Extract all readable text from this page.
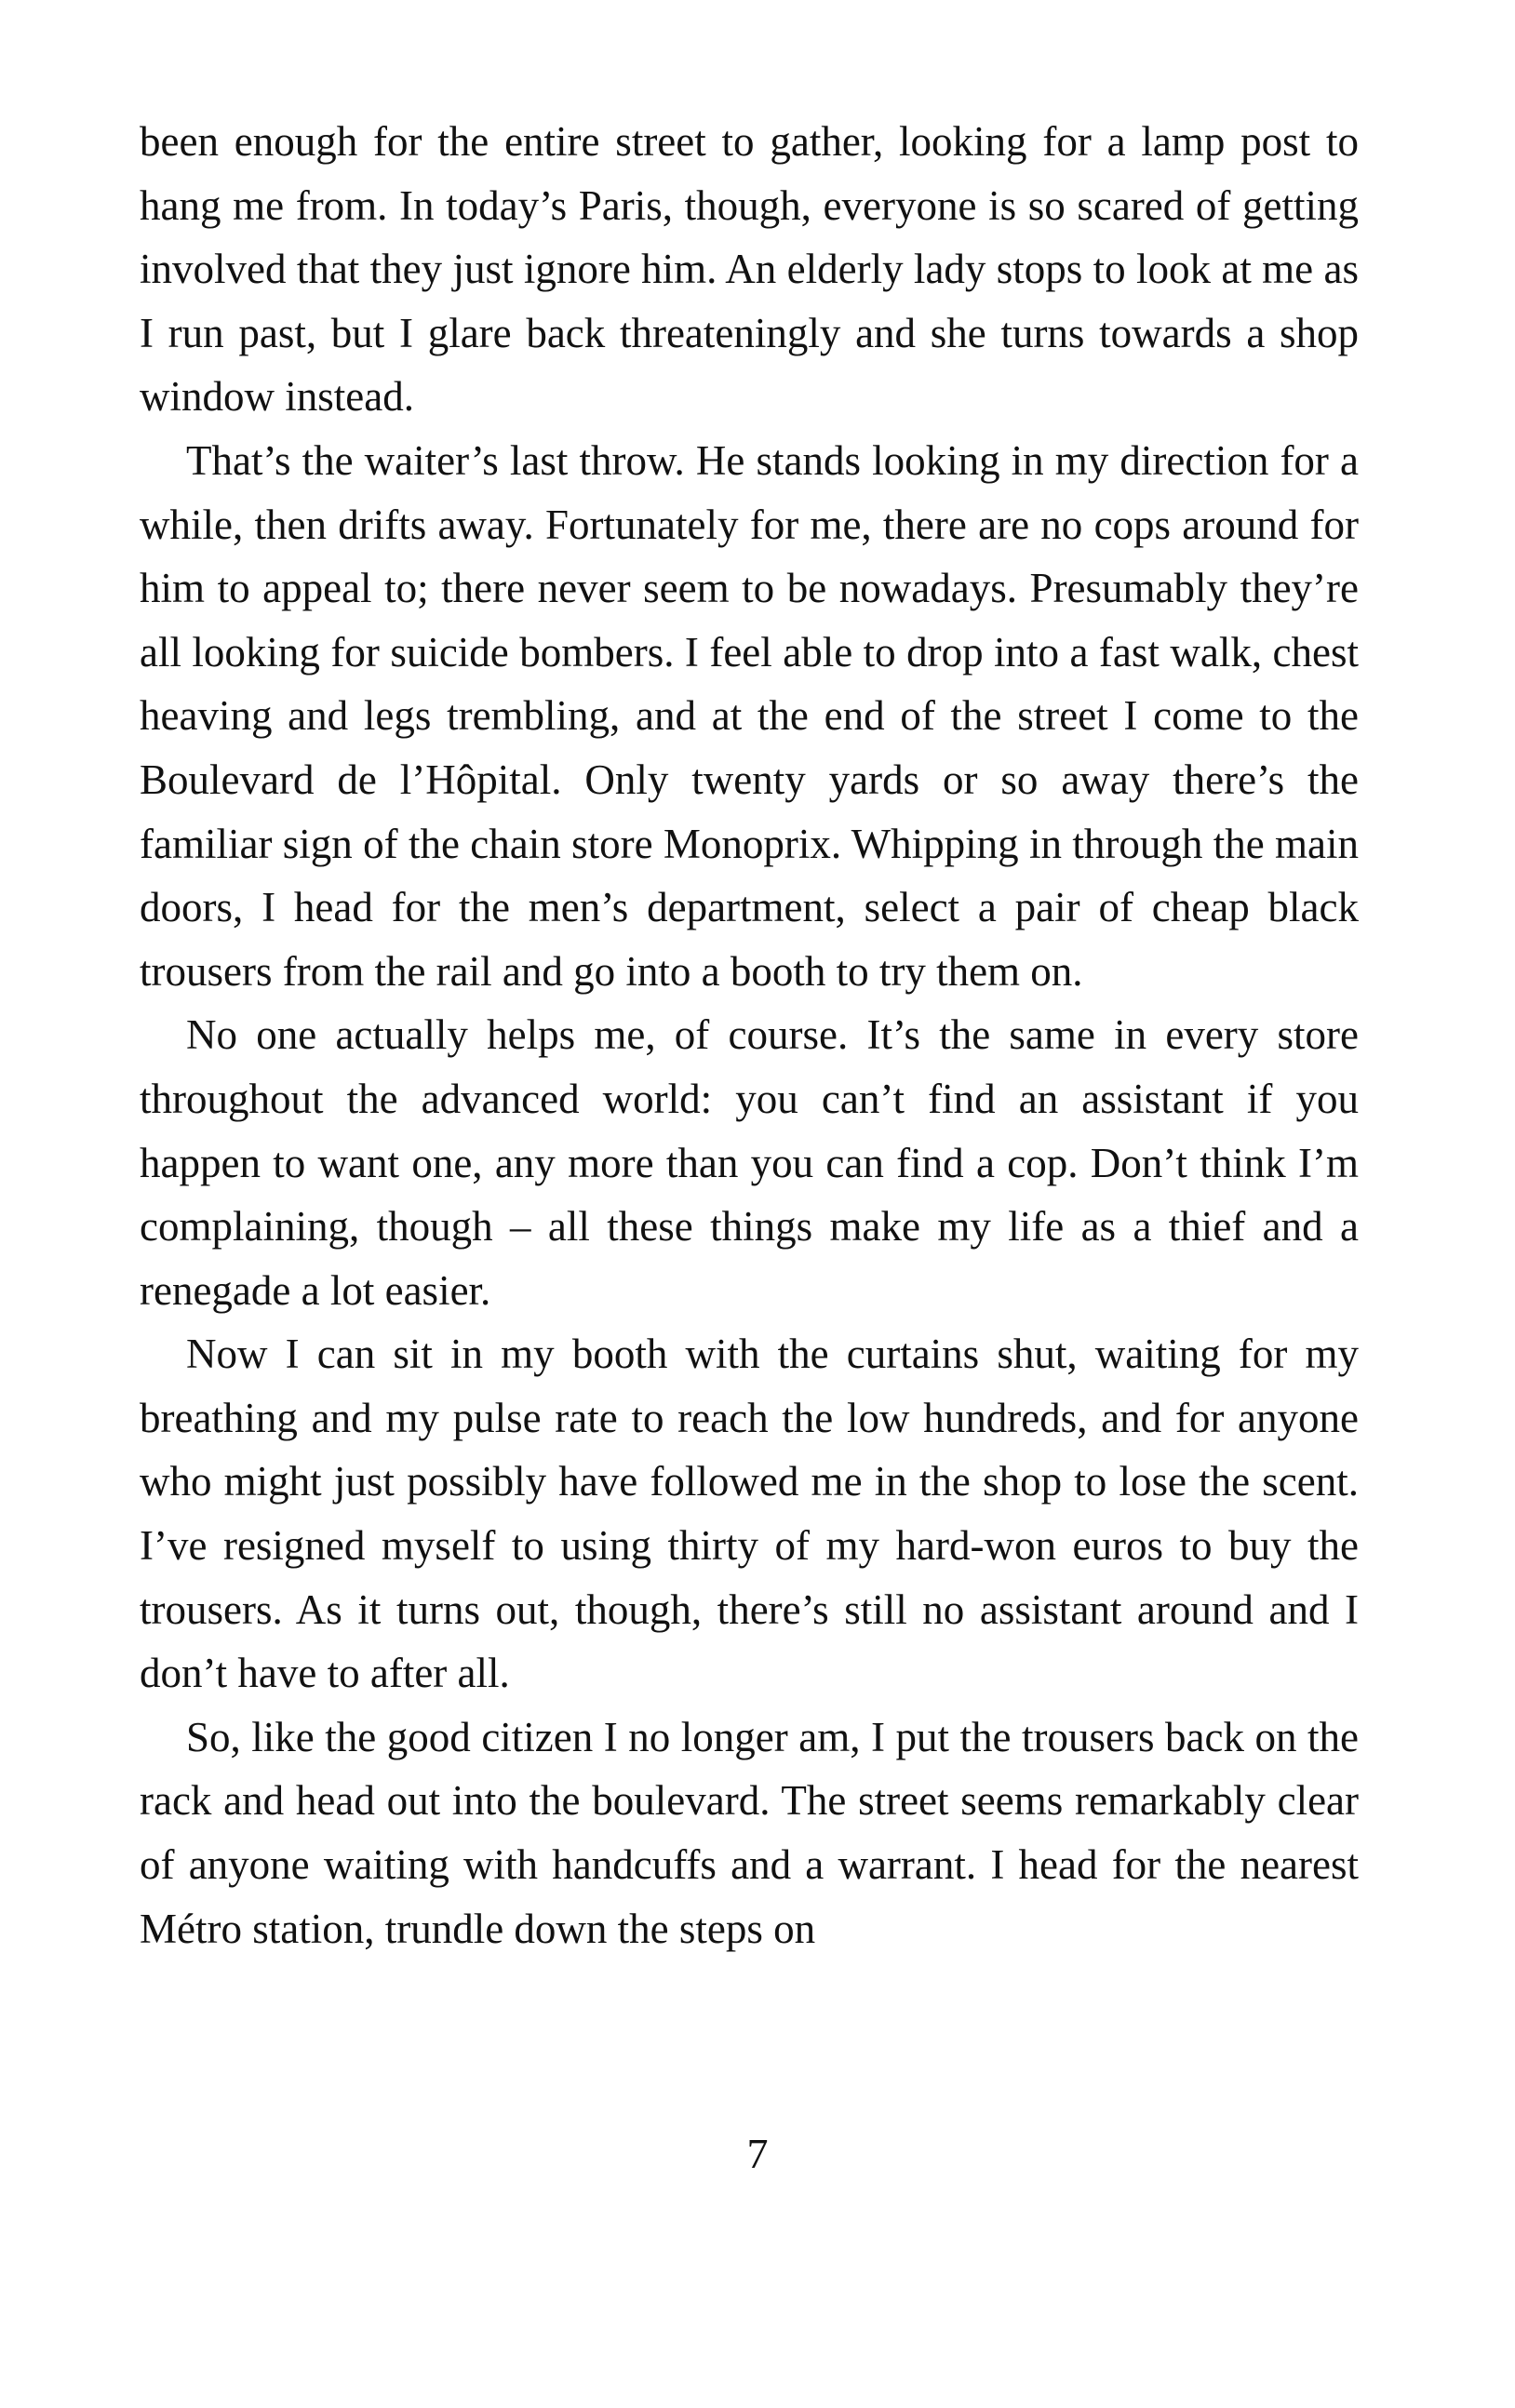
been enough for the entire street to gather, looking for a lamp post to hang me from. In today’s Paris, though, everyone is so scared of getting involved that they just ignore him. An elderly lady stops to look at me as I run past, but I glare back threateningly and she turns towards a shop window instead.

That’s the waiter’s last throw. He stands looking in my direction for a while, then drifts away. Fortunately for me, there are no cops around for him to appeal to; there never seem to be nowadays. Presumably they’re all looking for suicide bombers. I feel able to drop into a fast walk, chest heaving and legs trembling, and at the end of the street I come to the Boulevard de l’Hôpital. Only twenty yards or so away there’s the familiar sign of the chain store Monoprix. Whipping in through the main doors, I head for the men’s department, select a pair of cheap black trousers from the rail and go into a booth to try them on.

No one actually helps me, of course. It’s the same in every store throughout the advanced world: you can’t find an assistant if you happen to want one, any more than you can find a cop. Don’t think I’m complaining, though – all these things make my life as a thief and a renegade a lot easier.

Now I can sit in my booth with the curtains shut, waiting for my breathing and my pulse rate to reach the low hundreds, and for anyone who might just possibly have followed me in the shop to lose the scent. I’ve resigned myself to using thirty of my hard-won euros to buy the trousers. As it turns out, though, there’s still no assistant around and I don’t have to after all.

So, like the good citizen I no longer am, I put the trousers back on the rack and head out into the boulevard. The street seems remarkably clear of anyone waiting with handcuffs and a warrant. I head for the nearest Métro station, trundle down the steps on

7
